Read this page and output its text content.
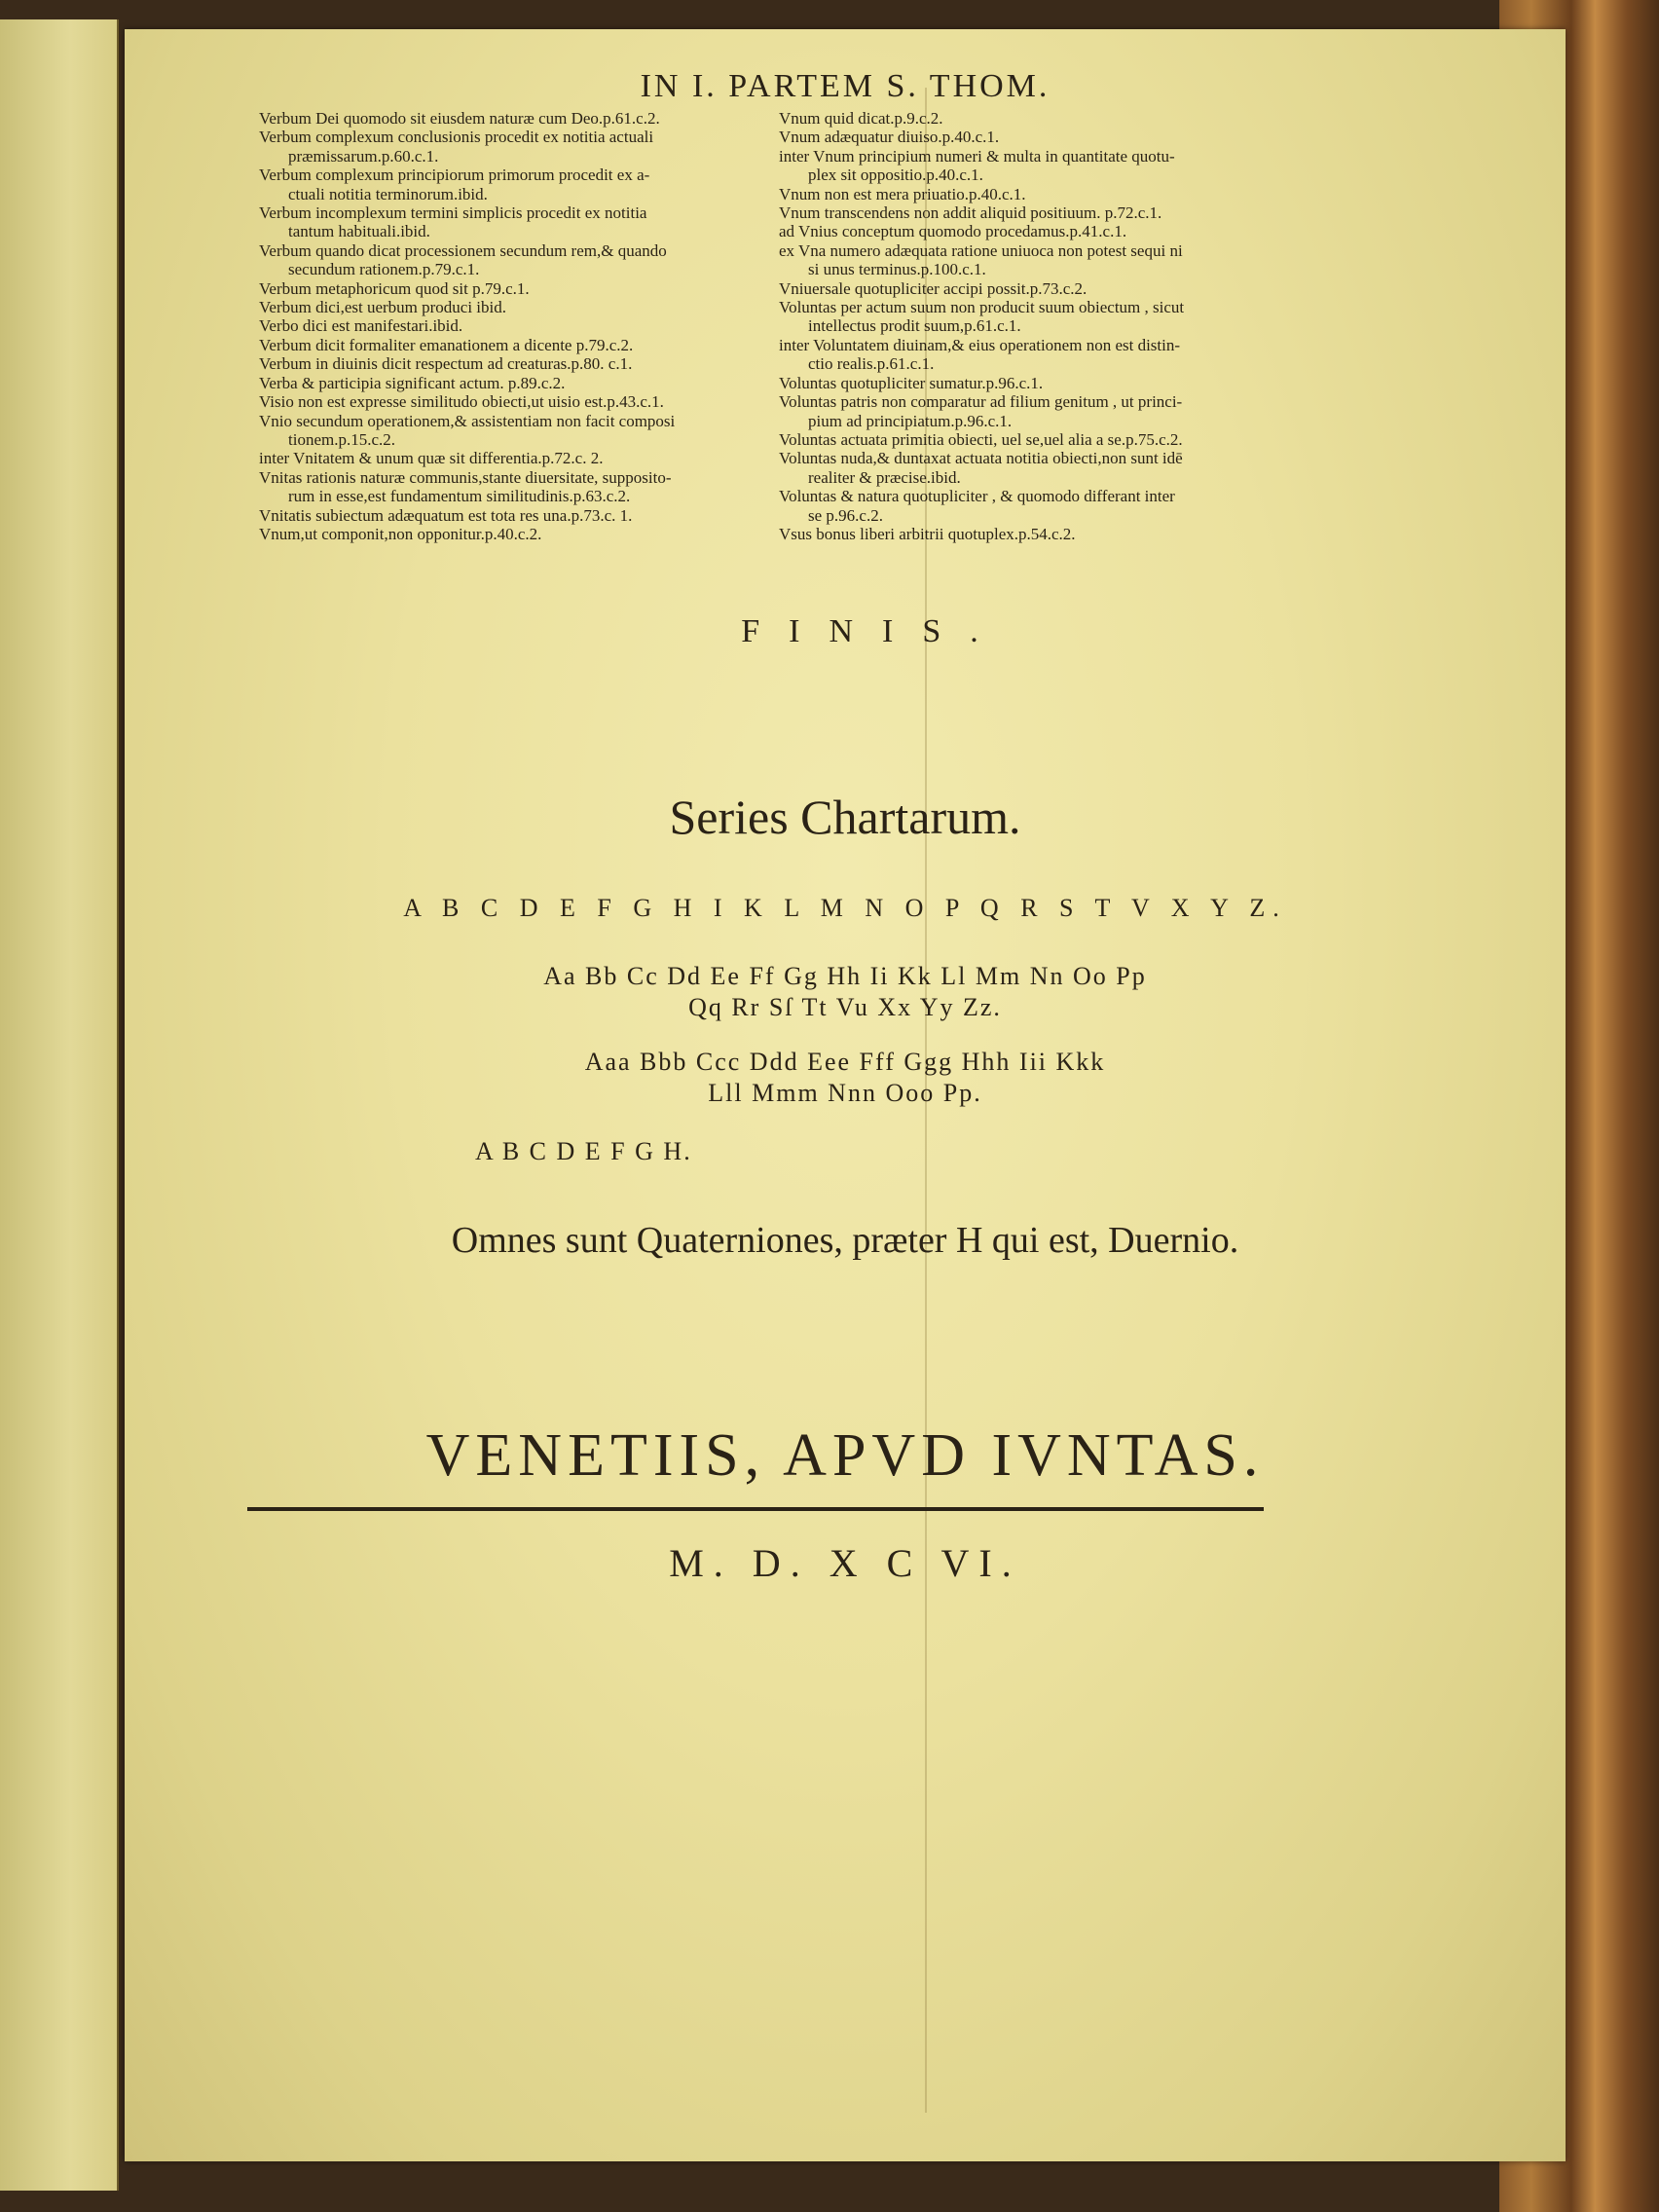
IN I. PARTEM S. THOM.
Verbum Dei quomodo sit eiusdem naturæ cum Deo.p.61.c.2.
Verbum complexum conclusionis procedit ex notitia actuali
præmissarum.p.60.c.1.
Verbum complexum principiorum primorum procedit ex a-
ctuali notitia terminorum.ibid.
Verbum incomplexum termini simplicis procedit ex notitia
tantum habituali.ibid.
Verbum quando dicat processionem secundum rem,& quando
secundum rationem.p.79.c.1.
Verbum metaphoricum quod sit p.79.c.1.
Verbum dici,est uerbum produci ibid.
Verbo dici est manifestari.ibid.
Verbum dicit formaliter emanationem a dicente p.79.c.2.
Verbum in diuinis dicit respectum ad creaturas.p.80. c.1.
Verba & participia significant actum. p.89.c.2.
Visio non est expresse similitudo obiecti,ut uisio est.p.43.c.1.
Vnio secundum operationem,& assistentiam non facit composi
tionem.p.15.c.2.
inter Vnitatem & unum quæ sit differentia.p.72.c. 2.
Vnitas rationis naturæ communis,stante diuersitate, supposito-
rum in esse,est fundamentum similitudinis.p.63.c.2.
Vnitatis subiectum adæquatum est tota res una.p.73.c. 1.
Vnum,ut componit,non opponitur.p.40.c.2.
Vnum quid dicat.p.9.c.2.
Vnum adæquatur diuiso.p.40.c.1.
inter Vnum principium numeri & multa in quantitate quotu-
plex sit oppositio.p.40.c.1.
Vnum non est mera priuatio.p.40.c.1.
Vnum transcendens non addit aliquid positiuum. p.72.c.1.
ad Vnius conceptum quomodo procedamus.p.41.c.1.
ex Vna numero adæquata ratione uniuoca non potest sequi ni
si unus terminus.p.100.c.1.
Vniuersale quotupliciter accipi possit.p.73.c.2.
Voluntas per actum suum non producit suum obiectum , sicut
intellectus prodit suum,p.61.c.1.
inter Voluntatem diuinam,& eius operationem non est distin-
ctio realis.p.61.c.1.
Voluntas quotupliciter sumatur.p.96.c.1.
Voluntas patris non comparatur ad filium genitum , ut princi-
pium ad principiatum.p.96.c.1.
Voluntas actuata primitia obiecti, uel se,uel alia a se.p.75.c.2.
Voluntas nuda,& duntaxat actuata notitia obiecti,non sunt idē
realiter & præcise.ibid.
Voluntas & natura quotupliciter , & quomodo differant inter
se p.96.c.2.
Vsus bonus liberi arbitrii quotuplex.p.54.c.2.
FINIS.
Series Chartarum.
A B C D E F G H I K L M N O P Q R S T V X Y Z.
Aa Bb Cc Dd Ee Ff Gg Hh Ii Kk Ll Mm Nn Oo Pp
Qq Rr Sſ Tt Vu Xx Yy Zz.
Aaa Bbb Ccc Ddd Eee Fff Ggg Hhh Iii Kkk
Lll Mmm Nnn Ooo Pp.
A B C D E F G H.
Omnes sunt Quaterniones, præter H qui est, Duernio.
VENETIIS, APVD IVNTAS.
M. D. X C VI.
